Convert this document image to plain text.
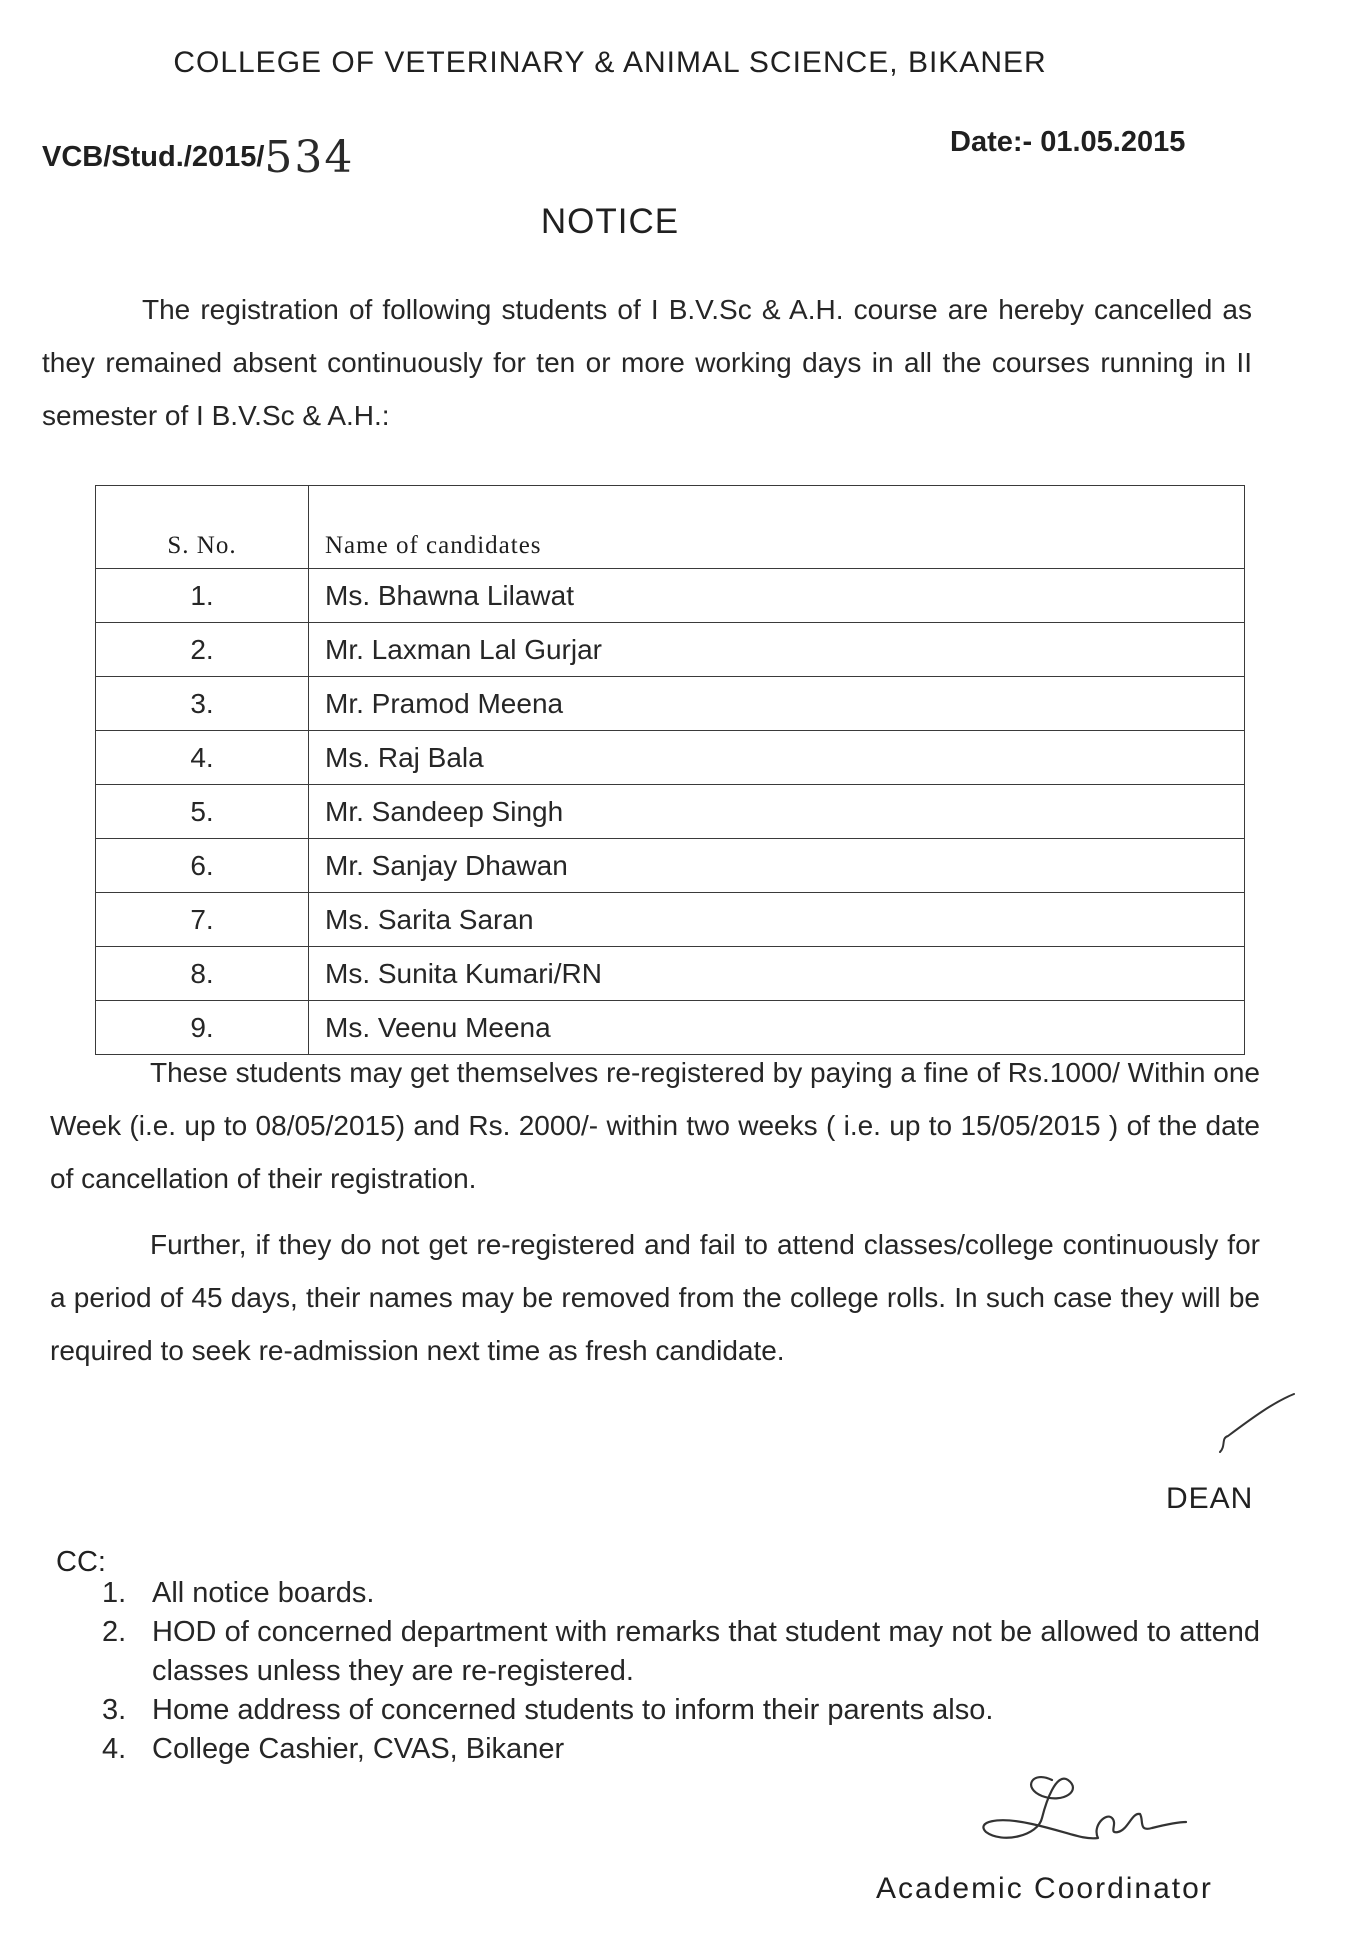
COLLEGE OF VETERINARY & ANIMAL SCIENCE, BIKANER
VCB/Stud./2015/534	Date:- 01.05.2015
NOTICE
The registration of following students of I B.V.Sc & A.H. course are hereby cancelled as they remained absent continuously for ten or more working days in all the courses running in II semester of I B.V.Sc & A.H.:
S. No.	Name of candidates
1.	Ms. Bhawna Lilawat
2.	Mr. Laxman Lal Gurjar
3.	Mr. Pramod Meena
4.	Ms. Raj Bala
5.	Mr. Sandeep Singh
6.	Mr. Sanjay Dhawan
7.	Ms. Sarita Saran
8.	Ms. Sunita Kumari/RN
9.	Ms. Veenu Meena
These students may get themselves re-registered by paying a fine of Rs.1000/ Within one Week (i.e. up to 08/05/2015) and Rs. 2000/- within two weeks ( i.e. up to 15/05/2015 ) of the date of cancellation of their registration.
Further, if they do not get re-registered and fail to attend classes/college continuously for a period of 45 days, their names may be removed from the college rolls. In such case they will be required to seek re-admission next time as fresh candidate.
DEAN
CC:
1. All notice boards.
2. HOD of concerned department with remarks that student may not be allowed to attend classes unless they are re-registered.
3. Home address of concerned students to inform their parents also.
4. College Cashier, CVAS, Bikaner
Academic Coordinator
